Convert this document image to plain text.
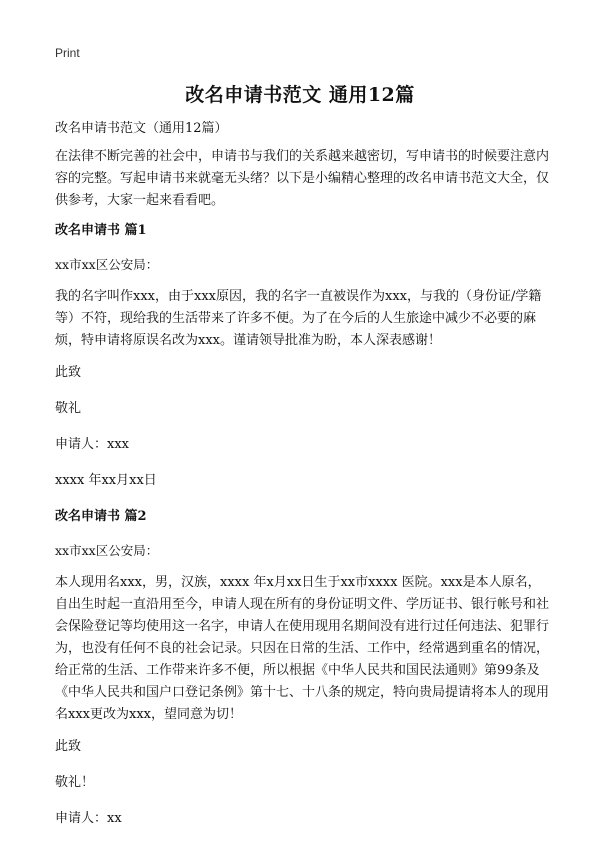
Print
改名申请书范文 通用12篇

改名申请书范文（通用12篇）

在法律不断完善的社会中，申请书与我们的关系越来越密切，写申请书的时候要注意内容的完整。写起申请书来就毫无头绪？以下是小编精心整理的改名申请书范文大全，仅供参考，大家一起来看看吧。

改名申请书 篇1

xx市xx区公安局：

我的名字叫作xxx，由于xxx原因，我的名字一直被误作为xxx，与我的（身份证/学籍等）不符，现给我的生活带来了许多不便。为了在今后的人生旅途中减少不必要的麻烦，特申请将原误名改为xxx。谨请领导批准为盼，本人深表感谢！

此致

敬礼

申请人：xxx

xxxx 年xx月xx日

改名申请书 篇2

xx市xx区公安局：

本人现用名xxx，男，汉族，xxxx 年x月xx日生于xx市xxxx 医院。xxx是本人原名，自出生时起一直沿用至今，申请人现在所有的身份证明文件、学历证书、银行帐号和社会保险登记等均使用这一名字，申请人在使用现用名期间没有进行过任何违法、犯罪行为，也没有任何不良的社会记录。只因在日常的生活、工作中，经常遇到重名的情况，给正常的生活、工作带来许多不便，所以根据《中华人民共和国民法通则》第99条及《中华人民共和国户口登记条例》第十七、十八条的规定，特向贵局提请将本人的现用名xxx更改为xxx，望同意为切！

此致

敬礼！

申请人：xx
